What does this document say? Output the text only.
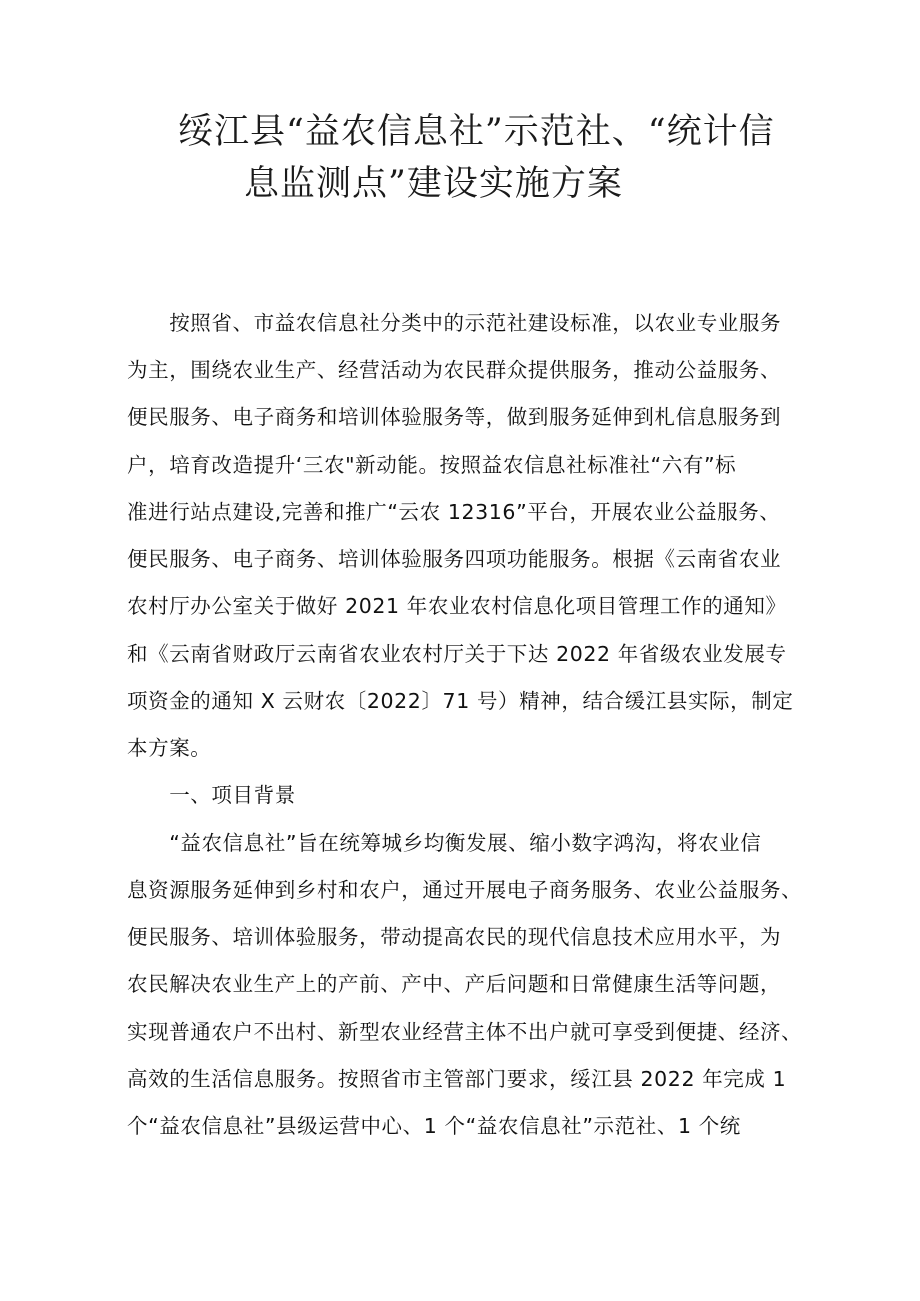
绥江县“益农信息社”示范社、“统计信
息监测点”建设实施方案
　　按照省、市益农信息社分类中的示范社建设标准，以农业专业服务
为主，围绕农业生产、经营活动为农民群众提供服务，推动公益服务、
便民服务、电子商务和培训体验服务等，做到服务延伸到札信息服务到
户，培育改造提升‘三农"新动能。按照益农信息社标准社“六有”标
准进行站点建设,完善和推广“云农 12316”平台，开展农业公益服务、
便民服务、电子商务、培训体验服务四项功能服务。根据《云南省农业
农村厅办公室关于做好 2021 年农业农村信息化项目管理工作的通知》
和《云南省财政厅云南省农业农村厅关于下达 2022 年省级农业发展专
项资金的通知 X 云财农〔2022〕71 号）精神，结合缓江县实际，制定
本方案。
　　一、项目背景
　　“益农信息社”旨在统筹城乡均衡发展、缩小数字鸿沟，将农业信
息资源服务延伸到乡村和农户，通过开展电子商务服务、农业公益服务、
便民服务、培训体验服务，带动提高农民的现代信息技术应用水平，为
农民解决农业生产上的产前、产中、产后问题和日常健康生活等问题，
实现普通农户不出村、新型农业经营主体不出户就可享受到便捷、经济、
高效的生活信息服务。按照省市主管部门要求，绥江县 2022 年完成 1
个“益农信息社”县级运营中心、1 个“益农信息社”示范社、1 个统
